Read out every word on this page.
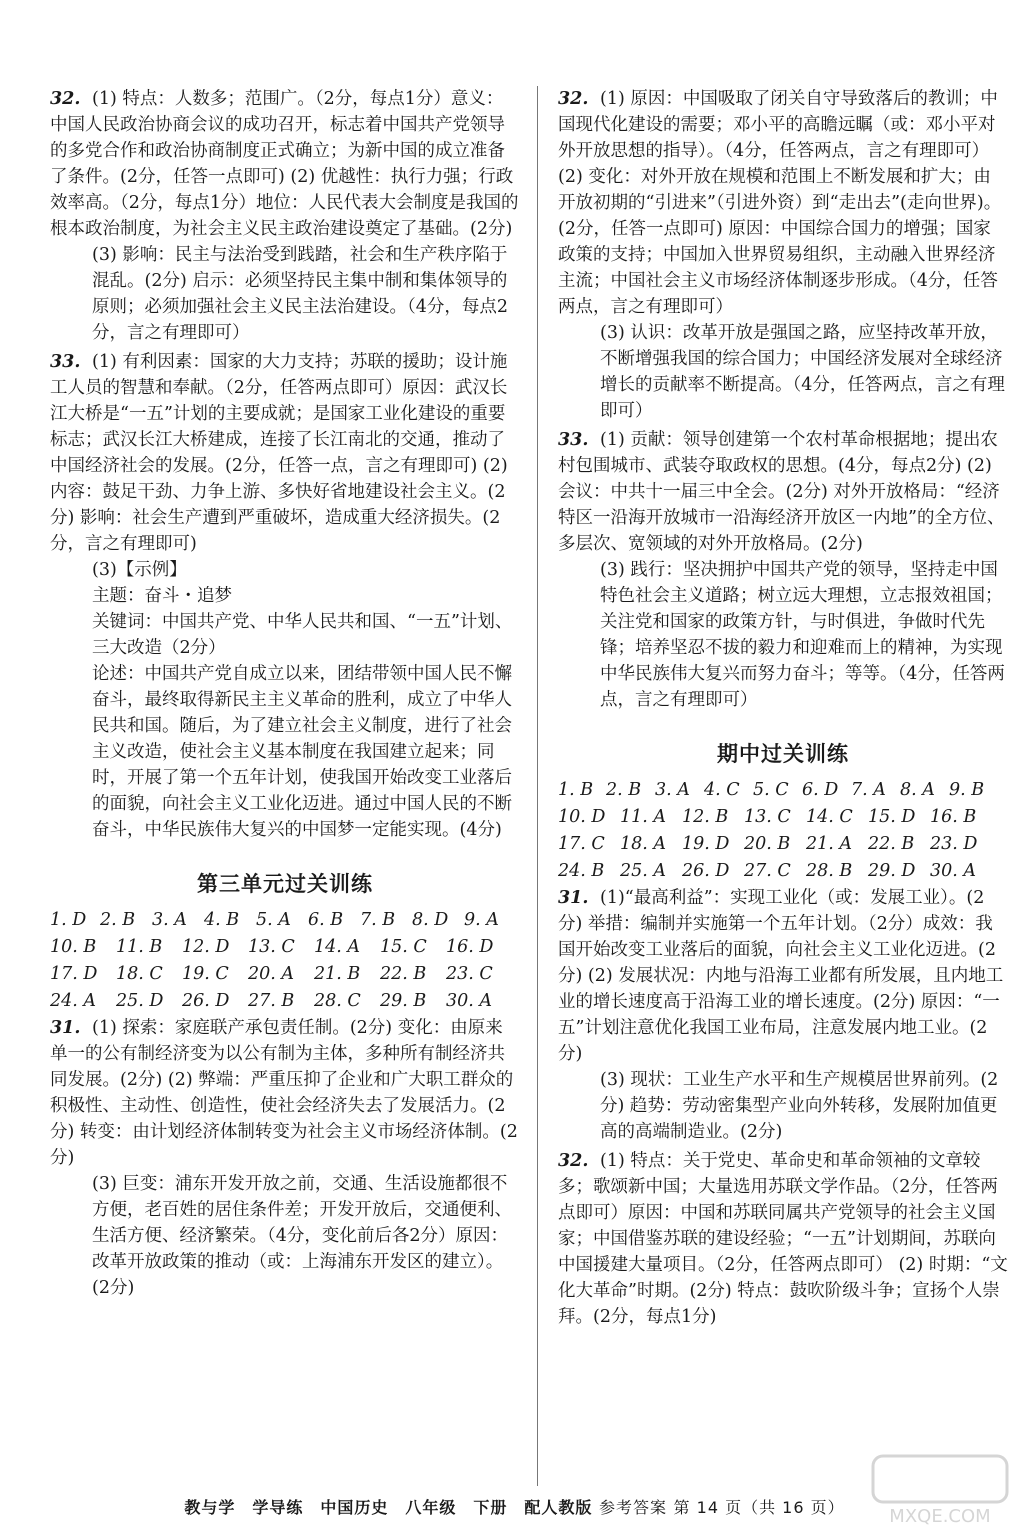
32. (1) 特点：人数多；范围广。（2分，每点1分）意义：中国人民政治协商会议的成功召开，标志着中国共产党领导的多党合作和政治协商制度正式确立；为新中国的成立准备了条件。(2分，任答一点即可) (2) 优越性：执行力强；行政效率高。（2分，每点1分）地位：人民代表大会制度是我国的根本政治制度，为社会主义民主政治建设奠定了基础。(2分)
(3) 影响：民主与法治受到践踏，社会和生产秩序陷于混乱。(2分) 启示：必须坚持民主集中制和集体领导的原则；必须加强社会主义民主法治建设。（4分，每点2分，言之有理即可）
33. (1) 有利因素：国家的大力支持；苏联的援助；设计施工人员的智慧和奉献。（2分，任答两点即可）原因：武汉长江大桥是“一五”计划的主要成就；是国家工业化建设的重要标志；武汉长江大桥建成，连接了长江南北的交通，推动了中国经济社会的发展。(2分，任答一点，言之有理即可) (2) 内容：鼓足干劲、力争上游、多快好省地建设社会主义。(2分) 影响：社会生产遭到严重破坏，造成重大经济损失。(2分，言之有理即可)
(3)【示例】
主题：奋斗・追梦
关键词：中国共产党、中华人民共和国、“一五”计划、三大改造（2分）
论述：中国共产党自成立以来，团结带领中国人民不懈奋斗，最终取得新民主主义革命的胜利，成立了中华人民共和国。随后，为了建立社会主义制度，进行了社会主义改造，使社会主义基本制度在我国建立起来；同时，开展了第一个五年计划，使我国开始改变工业落后的面貌，向社会主义工业化迈进。通过中国人民的不断奋斗，中华民族伟大复兴的中国梦一定能实现。(4分)
第三单元过关训练
1. D 2. B 3. A 4. B 5. A 6. B 7. B 8. D 9. A
10. B 11. B 12. D 13. C 14. A 15. C 16. D
17. D 18. C 19. C 20. A 21. B 22. B 23. C
24. A 25. D 26. D 27. B 28. C 29. B 30. A
31. (1) 探索：家庭联产承包责任制。(2分) 变化：由原来单一的公有制经济变为以公有制为主体，多种所有制经济共同发展。(2分) (2) 弊端：严重压抑了企业和广大职工群众的积极性、主动性、创造性，使社会经济失去了发展活力。(2分) 转变：由计划经济体制转变为社会主义市场经济体制。(2分)
(3) 巨变：浦东开发开放之前，交通、生活设施都很不方便，老百姓的居住条件差；开发开放后，交通便利、生活方便、经济繁荣。（4分，变化前后各2分）原因：改革开放政策的推动（或：上海浦东开发区的建立）。(2分)
32. (1) 原因：中国吸取了闭关自守导致落后的教训；中国现代化建设的需要；邓小平的高瞻远瞩（或：邓小平对外开放思想的指导）。（4分，任答两点，言之有理即可） (2) 变化：对外开放在规模和范围上不断发展和扩大；由开放初期的“引进来”（引进外资）到“走出去”(走向世界)。(2分，任答一点即可) 原因：中国综合国力的增强；国家政策的支持；中国加入世界贸易组织，主动融入世界经济主流；中国社会主义市场经济体制逐步形成。（4分，任答两点，言之有理即可）
(3) 认识：改革开放是强国之路，应坚持改革开放，不断增强我国的综合国力；中国经济发展对全球经济增长的贡献率不断提高。（4分，任答两点，言之有理即可）
33. (1) 贡献：领导创建第一个农村革命根据地；提出农村包围城市、武装夺取政权的思想。(4分，每点2分) (2) 会议：中共十一届三中全会。(2分) 对外开放格局：“经济特区一沿海开放城市一沿海经济开放区一内地”的全方位、多层次、宽领域的对外开放格局。(2分)
(3) 践行：坚决拥护中国共产党的领导，坚持走中国特色社会主义道路；树立远大理想，立志报效祖国；关注党和国家的政策方针，与时俱进，争做时代先锋；培养坚忍不拔的毅力和迎难而上的精神，为实现中华民族伟大复兴而努力奋斗；等等。（4分，任答两点，言之有理即可）
期中过关训练
1. B 2. B 3. A 4. C 5. C 6. D 7. A 8. A 9. B
10. D 11. A 12. B 13. C 14. C 15. D 16. B
17. C 18. A 19. D 20. B 21. A 22. B 23. D
24. B 25. A 26. D 27. C 28. B 29. D 30. A
31. (1)“最高利益”：实现工业化（或：发展工业）。(2分) 举措：编制并实施第一个五年计划。（2分）成效：我国开始改变工业落后的面貌，向社会主义工业化迈进。(2分) (2) 发展状况：内地与沿海工业都有所发展，且内地工业的增长速度高于沿海工业的增长速度。(2分) 原因：“一五”计划注意优化我国工业布局，注意发展内地工业。(2分)
(3) 现状：工业生产水平和生产规模居世界前列。(2分) 趋势：劳动密集型产业向外转移，发展附加值更高的高端制造业。(2分)
32. (1) 特点：关于党史、革命史和革命领袖的文章较多；歌颂新中国；大量选用苏联文学作品。（2分，任答两点即可）原因：中国和苏联同属共产党领导的社会主义国家；中国借鉴苏联的建设经验；“一五”计划期间，苏联向中国援建大量项目。（2分，任答两点即可） (2) 时期：“文化大革命”时期。(2分) 特点：鼓吹阶级斗争；宣扬个人崇拜。(2分，每点1分)
教与学　学导练　中国历史　八年级　下册　配人教版 参考答案 第 14 页（共 16 页）	MXQE.COM
